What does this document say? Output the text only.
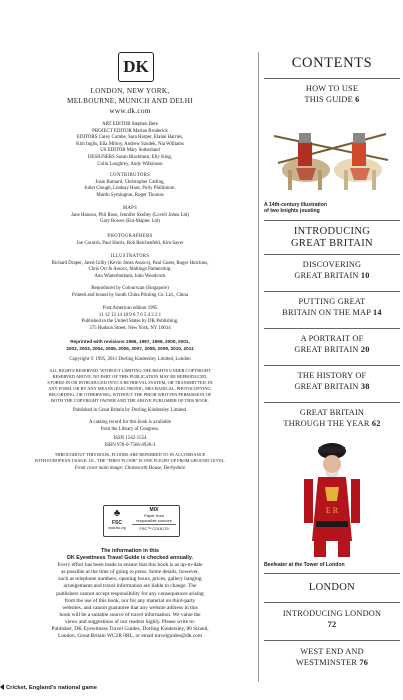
DK
LONDON, NEW YORK,
MELBOURNE, MUNICH AND DELHI
www.dk.com
ART EDITOR Stephen Bere
PROJECT EDITOR Marian Broderick
EDITORS Carey Combe, Sara Harper, Elaine Harries,
Kim Inglis, Ella Milroy, Andrew Szudek, Nia Williams
US EDITOR Mary Sutherland
DESIGNERS Susan Blackburn, Elly King,
Colin Loughrey, Andy Wilkinson
CONTRIBUTORS
Josie Barnard, Christopher Catling,
Juliet Clough, Lindsay Hunt, Polly Phillimore,
Martin Symington, Roger Thomas
MAPS
Jane Hanson, Phil Rose, Jennifer Skelley (Lovell Johns Ltd)
Gary Bowes (Era-Maptec Ltd)
PHOTOGRAPHERS
Joe Cornish, Paul Harris, Rob Reichenfeld, Kim Sayer
ILLUSTRATORS
Richard Draper, Jared Gilby (Kevin Jones Assocs), Paul Guest, Roger Hutchins,
Chris Orr & Assocs, Maltings Partnership,
Ann Winterbotham, John Woodcock
Reproduced by Colourscan (Singapore)
Printed and bound by South China Printing Co. Ltd., China
First American edition 1995
11 12 13 14 10 9 8 7 6 5 4 3 2 1
Published in the United States by DK Publishing,
375 Hudson Street, New York, NY 10014
Reprinted with revisions 1996, 1997, 1999, 2000, 2001,
2002, 2003, 2004, 2005, 2006, 2007, 2008, 2009, 2010, 2011
Copyright © 1995, 2011 Dorling Kindersley Limited, London
ALL RIGHTS RESERVED. WITHOUT LIMITING THE RIGHTS UNDER COPYRIGHT
RESERVED ABOVE, NO PART OF THIS PUBLICATION MAY BE REPRODUCED,
STORED IN OR INTRODUCED INTO A RETRIEVAL SYSTEM, OR TRANSMITTED, IN
ANY FORM, OR BY ANY MEANS (ELECTRONIC, MECHANICAL, PHOTOCOPYING,
RECORDING, OR OTHERWISE), WITHOUT THE PRIOR WRITTEN PERMISSION OF
BOTH THE COPYRIGHT OWNER AND THE ABOVE PUBLISHER OF THIS BOOK.
Published in Great Britain by Dorling Kindersley Limited.
A catalog record for this book is available
from the Library of Congress.
ISSN 1542-1554
ISBN 978-0-7566-6926-3
THROUGHOUT THIS BOOK, FLOORS ARE REFERRED TO IN ACCORDANCE
WITH EUROPEAN USAGE; I.E., THE "FIRST FLOOR" IS ONE FLIGHT UP FROM GROUND LEVEL.
Front cover main image: Chatsworth House, Derbyshire
♣
FSC
www.fsc.org
MIX
Paper from
responsible sources
FSC™ C018179
The information in this
DK Eyewitness Travel Guide is checked annually.
Every effort has been made to ensure that this book is as up-to-date
as possible at the time of going to press. Some details, however,
such as telephone numbers, opening hours, prices, gallery hanging
arrangements and travel information are liable to change. The
publishers cannot accept responsibility for any consequences arising
from the use of this book, nor for any material on third-party
websites, and cannot guarantee that any website address in this
book will be a suitable source of travel information. We value the
views and suggestions of our readers highly. Please write to:
Publisher, DK Eyewitness Travel Guides, Dorling Kindersley, 80 Strand,
London, Great Britain WC2R 0RL, or email travelguides@dk.com
Cricket, England's national game
CONTENTS
HOW TO USE
THIS GUIDE 6
A 14th-century illustration
of two knights jousting
INTRODUCING
GREAT BRITAIN
DISCOVERING
GREAT BRITAIN 10
PUTTING GREAT
BRITAIN ON THE MAP 14
A PORTRAIT OF
GREAT BRITAIN 20
THE HISTORY OF
GREAT BRITAIN 38
GREAT BRITAIN
THROUGH THE YEAR 62
E R
Beefeater at the Tower of London
LONDON
INTRODUCING LONDON
72
WEST END AND
WESTMINSTER 76
